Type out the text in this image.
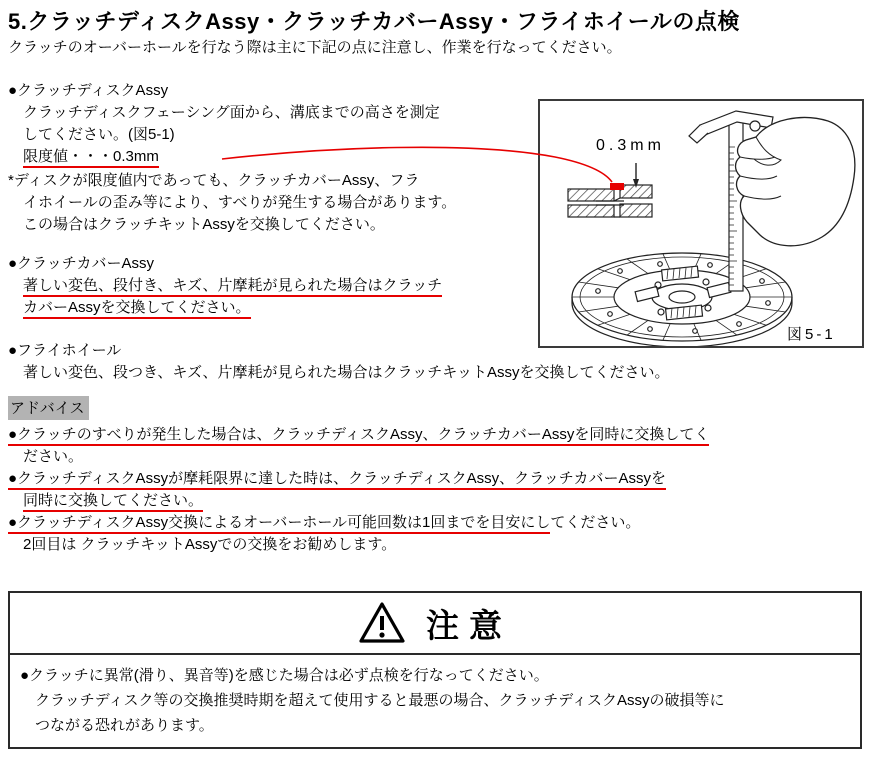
5.クラッチディスクAssy・クラッチカバーAssy・フライホイールの点検
クラッチのオーバーホールを行なう際は主に下記の点に注意し、作業を行なってください。
●クラッチディスクAssy
クラッチディスクフェーシング面から、溝底までの高さを測定
してください。(図5-1)
限度値・・・0.3mm
*ディスクが限度値内であっても、クラッチカバーAssy、フラ
イホイールの歪み等により、すべりが発生する場合があります。
この場合はクラッチキットAssyを交換してください。
●クラッチカバーAssy
著しい変色、段付き、キズ、片摩耗が見られた場合はクラッチ
カバーAssyを交換してください。
●フライホイール
著しい変色、段つき、キズ、片摩耗が見られた場合はクラッチキットAssyを交換してください。
アドバイス
●クラッチのすべりが発生した場合は、クラッチディスクAssy、クラッチカバーAssyを同時に交換してく
ださい。
●クラッチディスクAssyが摩耗限界に達した時は、クラッチディスクAssy、クラッチカバーAssyを
同時に交換してください。
●クラッチディスクAssy交換によるオーバーホール可能回数は1回までを目安にしてください。
2回目は クラッチキットAssyでの交換をお勧めします。
0.3mm
図5-1
注意
●クラッチに異常(滑り、異音等)を感じた場合は必ず点検を行なってください。
クラッチディスク等の交換推奨時期を超えて使用すると最悪の場合、クラッチディスクAssyの破損等に
つながる恐れがあります。
